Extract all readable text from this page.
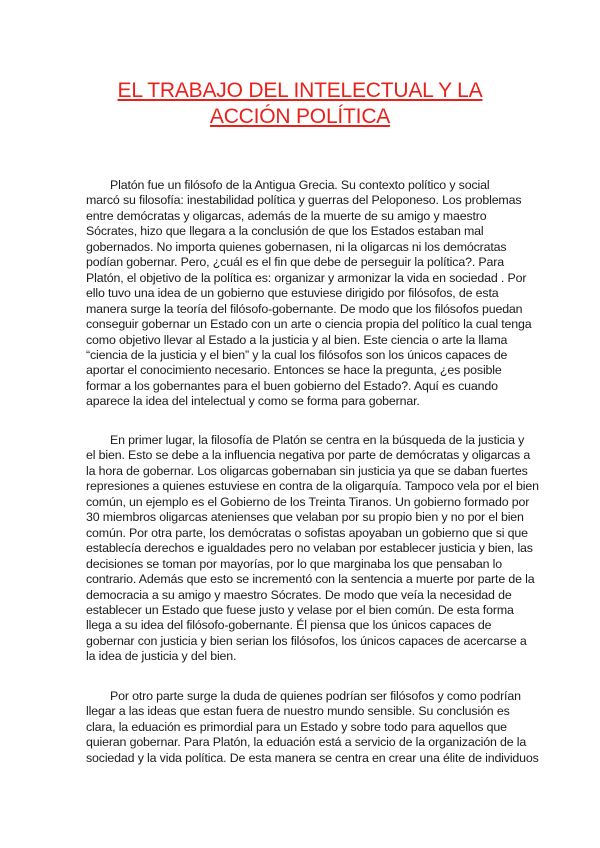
EL TRABAJO DEL INTELECTUAL Y LA
ACCIÓN POLÍTICA
Platón fue un filósofo de la Antigua Grecia. Su contexto político y social
marcó su filosofía: inestabilidad política y guerras del Peloponeso. Los problemas
entre demócratas y oligarcas, además de la muerte de su amigo y maestro
Sócrates, hizo que llegara a la conclusión de que los Estados estaban mal
gobernados. No importa quienes gobernasen, ni la oligarcas ni los demócratas
podían gobernar. Pero, ¿cuál es el fin que debe de perseguir la política?. Para
Platón, el objetivo de la política es: organizar y armonizar la vida en sociedad . Por
ello tuvo una idea de un gobierno que estuviese dirigido por filósofos, de esta
manera surge la teoría del filósofo-gobernante. De modo que los filósofos puedan
conseguir gobernar un Estado con un arte o ciencia propia del político la cual tenga
como objetivo llevar al Estado a la justicia y al bien. Este ciencia o arte la llama
“ciencia de la justicia y el bien” y la cual los filósofos son los únicos capaces de
aportar el conocimiento necesario. Entonces se hace la pregunta, ¿es posible
formar a los gobernantes para el buen gobierno del Estado?. Aquí es cuando
aparece la idea del intelectual y como se forma para gobernar.
En primer lugar, la filosofía de Platón se centra en la búsqueda de la justicia y
el bien. Esto se debe a la influencia negativa por parte de demócratas y oligarcas a
la hora de gobernar. Los oligarcas gobernaban sin justicia ya que se daban fuertes
represiones a quienes estuviese en contra de la oligarquía. Tampoco vela por el bien
común, un ejemplo es el Gobierno de los Treinta Tiranos. Un gobierno formado por
30 miembros oligarcas atenienses que velaban por su propio bien y no por el bien
común. Por otra parte, los demócratas o sofistas apoyaban un gobierno que si que
establecía derechos e igualdades pero no velaban por establecer justicia y bien, las
decisiones se toman por mayorías, por lo que marginaba los que pensaban lo
contrario. Además que esto se incrementó con la sentencia a muerte por parte de la
democracia a su amigo y maestro Sócrates. De modo que veía la necesidad de
establecer un Estado que fuese justo y velase por el bien común. De esta forma
llega a su idea del filósofo-gobernante. Él piensa que los únicos capaces de
gobernar con justicia y bien serian los filósofos, los únicos capaces de acercarse a
la idea de justicia y del bien.
Por otro parte surge la duda de quienes podrían ser filósofos y como podrían
llegar a las ideas que estan fuera de nuestro mundo sensible. Su conclusión es
clara, la eduación es primordial para un Estado y sobre todo para aquellos que
quieran gobernar. Para Platón, la eduación está a servicio de la organización de la
sociedad y la vida política. De esta manera se centra en crear una élite de individuos
